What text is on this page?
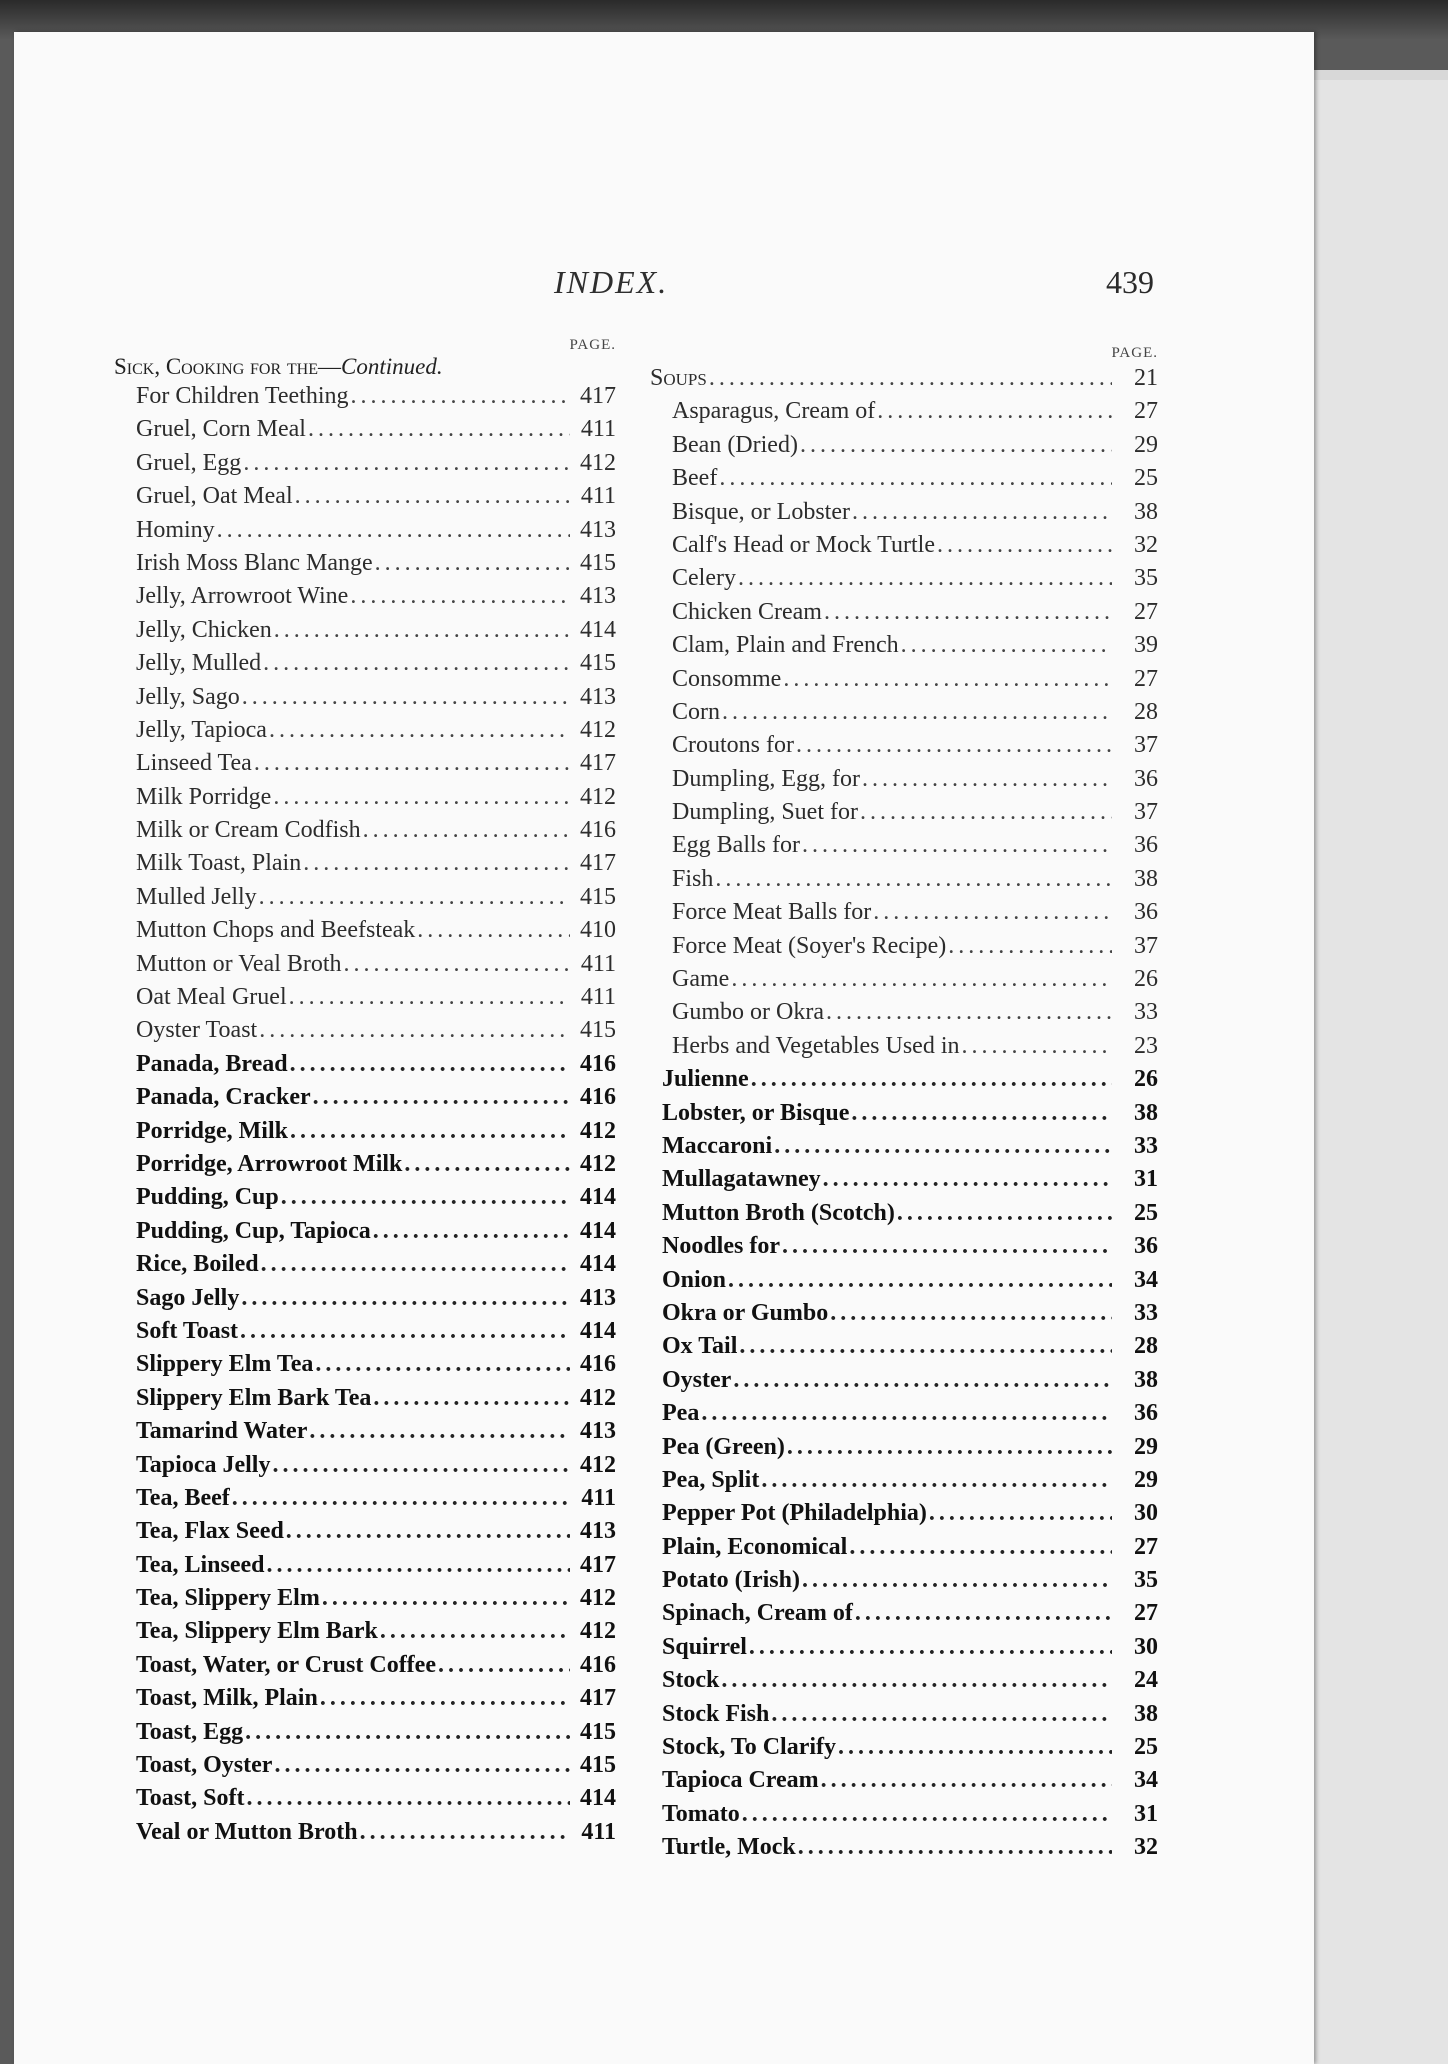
INDEX.	439
PAGE.
Sick, Cooking for the—Continued.
For Children Teething . . .	417
Gruel, Corn Meal . . .	411
Gruel, Egg . . .	412
Gruel, Oat Meal . . .	411
Hominy . . .	413
Irish Moss Blanc Mange . . .	415
Jelly, Arrowroot Wine . . .	413
Jelly, Chicken . . .	414
Jelly, Mulled . . .	415
Jelly, Sago . . .	413
Jelly, Tapioca . . .	412
Linseed Tea . . .	417
Milk Porridge . . .	412
Milk or Cream Codfish . . .	416
Milk Toast, Plain . . .	417
Mulled Jelly . . .	415
Mutton Chops and Beefsteak . . .	410
Mutton or Veal Broth . . .	411
Oat Meal Gruel . . .	411
Oyster Toast . . .	415
Panada, Bread . . .	416
Panada, Cracker . . .	416
Porridge, Milk . . .	412
Porridge, Arrowroot Milk . . .	412
Pudding, Cup . . .	414
Pudding, Cup, Tapioca . . .	414
Rice, Boiled . . .	414
Sago Jelly . . .	413
Soft Toast . . .	414
Slippery Elm Tea . . .	416
Slippery Elm Bark Tea . . .	412
Tamarind Water . . .	413
Tapioca Jelly . . .	412
Tea, Beef . . .	411
Tea, Flax Seed . . .	413
Tea, Linseed . . .	417
Tea, Slippery Elm . . .	412
Tea, Slippery Elm Bark . . .	412
Toast, Water, or Crust Coffee . . .	416
Toast, Milk, Plain . . .	417
Toast, Egg . . .	415
Toast, Oyster . . .	415
Toast, Soft . . .	414
Veal or Mutton Broth . . .	411
PAGE.
Soups . . .	21
Asparagus, Cream of . . .	27
Bean (Dried) . . .	29
Beef . . .	25
Bisque, or Lobster . . .	38
Calf's Head or Mock Turtle . . .	32
Celery . . .	35
Chicken Cream . . .	27
Clam, Plain and French . . .	39
Consomme . . .	27
Corn . . .	28
Croutons for . . .	37
Dumpling, Egg, for . . .	36
Dumpling, Suet for . . .	37
Egg Balls for . . .	36
Fish . . .	38
Force Meat Balls for . . .	36
Force Meat (Soyer's Recipe) . . .	37
Game . . .	26
Gumbo or Okra . . .	33
Herbs and Vegetables Used in . . .	23
Julienne . . .	26
Lobster, or Bisque . . .	38
Maccaroni . . .	33
Mullagatawney . . .	31
Mutton Broth (Scotch) . . .	25
Noodles for . . .	36
Onion . . .	34
Okra or Gumbo . . .	33
Ox Tail . . .	28
Oyster . . .	38
Pea . . .	36
Pea (Green) . . .	29
Pea, Split . . .	29
Pepper Pot (Philadelphia) . . .	30
Plain, Economical . . .	27
Potato (Irish) . . .	35
Spinach, Cream of . . .	27
Squirrel . . .	30
Stock . . .	24
Stock Fish . . .	38
Stock, To Clarify . . .	25
Tapioca Cream . . .	34
Tomato . . .	31
Turtle, Mock . . .	32
